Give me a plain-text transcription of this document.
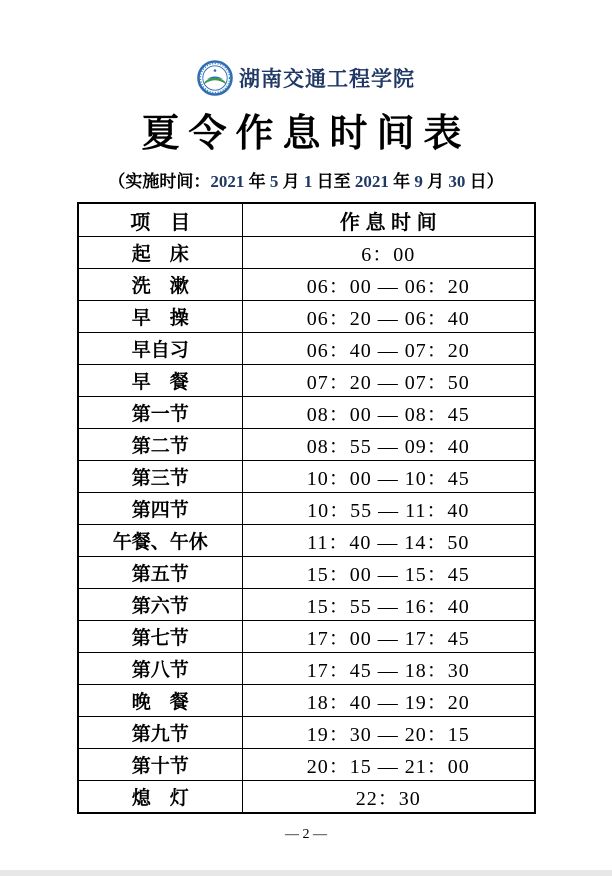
湖南交通工程学院
夏令作息时间表
（实施时间：2021 年 5 月 1 日至 2021 年 9 月 30 日）
项　目	作 息 时 间
起　床	6：00
洗　漱	06：00 — 06：20
早　操	06：20 — 06：40
早自习	06：40 — 07：20
早　餐	07：20 — 07：50
第一节	08：00 — 08：45
第二节	08：55 — 09：40
第三节	10：00 — 10：45
第四节	10：55 — 11：40
午餐、午休	11：40 — 14：50
第五节	15：00 — 15：45
第六节	15：55 — 16：40
第七节	17：00 — 17：45
第八节	17：45 — 18：30
晚　餐	18：40 — 19：20
第九节	19：30 — 20：15
第十节	20：15 — 21：00
熄　灯	22：30
— 2 —
